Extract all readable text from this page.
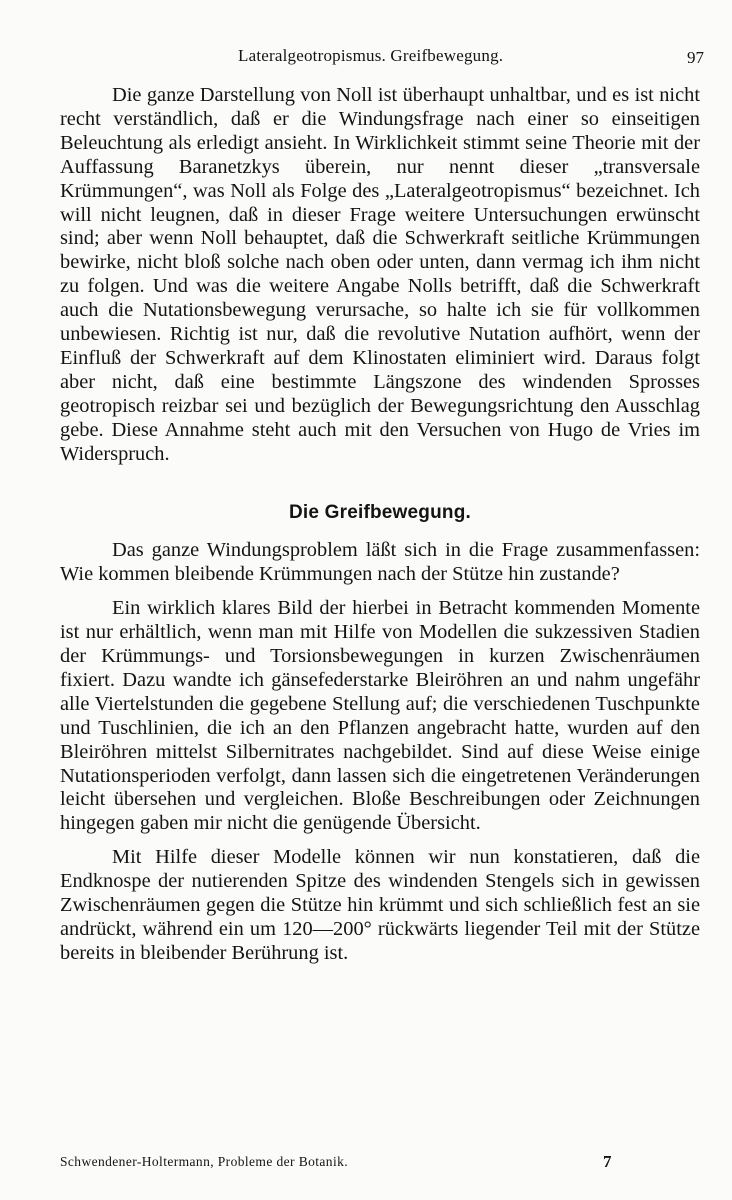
Lateralgeotropismus. Greifbewegung.	97

Die ganze Darstellung von Noll ist überhaupt unhaltbar, und es ist nicht recht verständlich, daß er die Windungsfrage nach einer so einseitigen Beleuchtung als erledigt ansieht. In Wirklichkeit stimmt seine Theorie mit der Auffassung Baranetzkys überein, nur nennt dieser „transversale Krümmungen“, was Noll als Folge des „Lateralgeotropismus“ bezeichnet. Ich will nicht leugnen, daß in dieser Frage weitere Untersuchungen erwünscht sind; aber wenn Noll behauptet, daß die Schwerkraft seitliche Krümmungen bewirke, nicht bloß solche nach oben oder unten, dann vermag ich ihm nicht zu folgen. Und was die weitere Angabe Nolls betrifft, daß die Schwerkraft auch die Nutationsbewegung verursache, so halte ich sie für vollkommen unbewiesen. Richtig ist nur, daß die revolutive Nutation aufhört, wenn der Einfluß der Schwerkraft auf dem Klinostaten eliminiert wird. Daraus folgt aber nicht, daß eine bestimmte Längszone des windenden Sprosses geotropisch reizbar sei und bezüglich der Bewegungsrichtung den Ausschlag gebe. Diese Annahme steht auch mit den Versuchen von Hugo de Vries im Widerspruch.

Die Greifbewegung.

Das ganze Windungsproblem läßt sich in die Frage zusammenfassen: Wie kommen bleibende Krümmungen nach der Stütze hin zustande?

Ein wirklich klares Bild der hierbei in Betracht kommenden Momente ist nur erhältlich, wenn man mit Hilfe von Modellen die sukzessiven Stadien der Krümmungs- und Torsionsbewegungen in kurzen Zwischenräumen fixiert. Dazu wandte ich gänsefederstarke Bleiröhren an und nahm ungefähr alle Viertelstunden die gegebene Stellung auf; die verschiedenen Tuschpunkte und Tuschlinien, die ich an den Pflanzen angebracht hatte, wurden auf den Bleiröhren mittelst Silbernitrates nachgebildet. Sind auf diese Weise einige Nutationsperioden verfolgt, dann lassen sich die eingetretenen Veränderungen leicht übersehen und vergleichen. Bloße Beschreibungen oder Zeichnungen hingegen gaben mir nicht die genügende Übersicht.

Mit Hilfe dieser Modelle können wir nun konstatieren, daß die Endknospe der nutierenden Spitze des windenden Stengels sich in gewissen Zwischenräumen gegen die Stütze hin krümmt und sich schließlich fest an sie andrückt, während ein um 120—200° rückwärts liegender Teil mit der Stütze bereits in bleibender Berührung ist.

Schwendener-Holtermann, Probleme der Botanik.	7
